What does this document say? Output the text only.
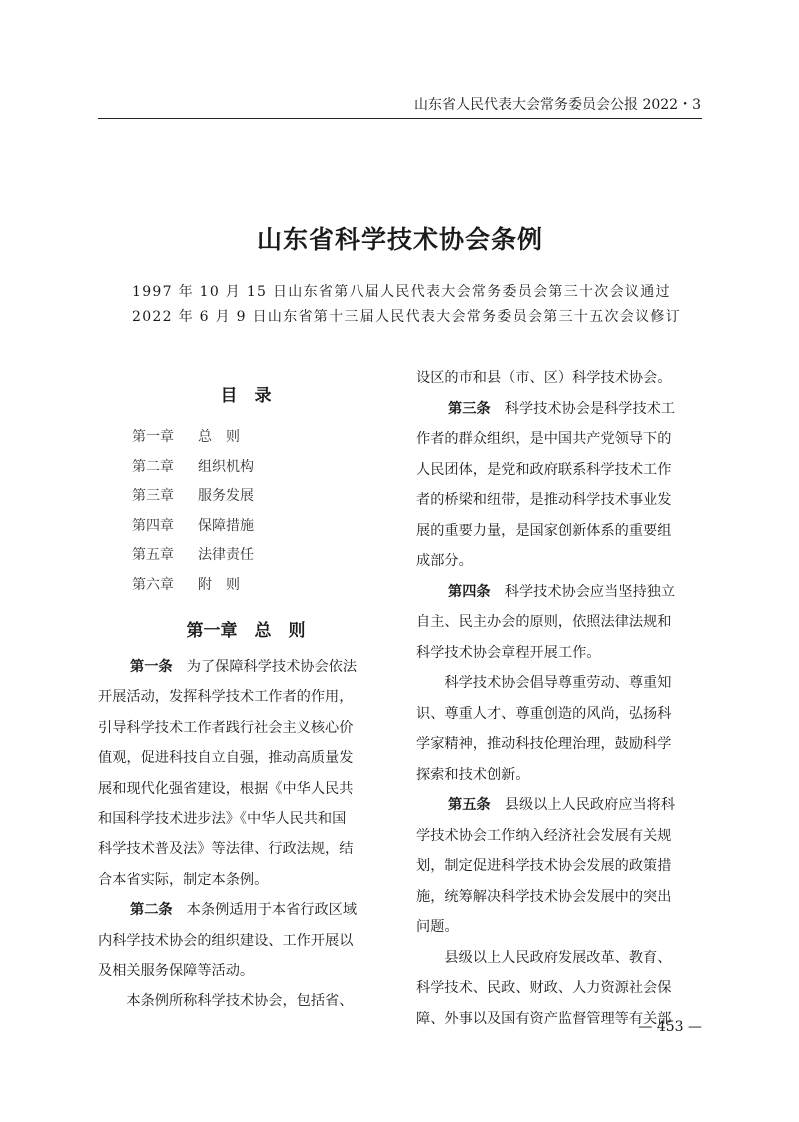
山东省人民代表大会常务委员会公报 2022・3
山东省科学技术协会条例
1997 年 10 月 15 日山东省第八届人民代表大会常务委员会第三十次会议通过
2022 年 6 月 9 日山东省第十三届人民代表大会常务委员会第三十五次会议修订
目　录
第一章 总　则
第二章 组织机构
第三章 服务发展
第四章 保障措施
第五章 法律责任
第六章 附　则
第一章　总　则
第一条　为了保障科学技术协会依法
开展活动，发挥科学技术工作者的作用，
引导科学技术工作者践行社会主义核心价
值观，促进科技自立自强，推动高质量发
展和现代化强省建设，根据《中华人民共
和国科学技术进步法》《中华人民共和国
科学技术普及法》等法律、行政法规，结
合本省实际，制定本条例。
第二条　本条例适用于本省行政区域
内科学技术协会的组织建设、工作开展以
及相关服务保障等活动。
　　本条例所称科学技术协会，包括省、
设区的市和县（市、区）科学技术协会。
第三条　科学技术协会是科学技术工
作者的群众组织，是中国共产党领导下的
人民团体，是党和政府联系科学技术工作
者的桥梁和纽带，是推动科学技术事业发
展的重要力量，是国家创新体系的重要组
成部分。
第四条　科学技术协会应当坚持独立
自主、民主办会的原则，依照法律法规和
科学技术协会章程开展工作。
　　科学技术协会倡导尊重劳动、尊重知
识、尊重人才、尊重创造的风尚，弘扬科
学家精神，推动科技伦理治理，鼓励科学
探索和技术创新。
第五条　县级以上人民政府应当将科
学技术协会工作纳入经济社会发展有关规
划，制定促进科学技术协会发展的政策措
施，统筹解决科学技术协会发展中的突出
问题。
　　县级以上人民政府发展改革、教育、
科学技术、民政、财政、人力资源社会保
障、外事以及国有资产监督管理等有关部
— 453 —
